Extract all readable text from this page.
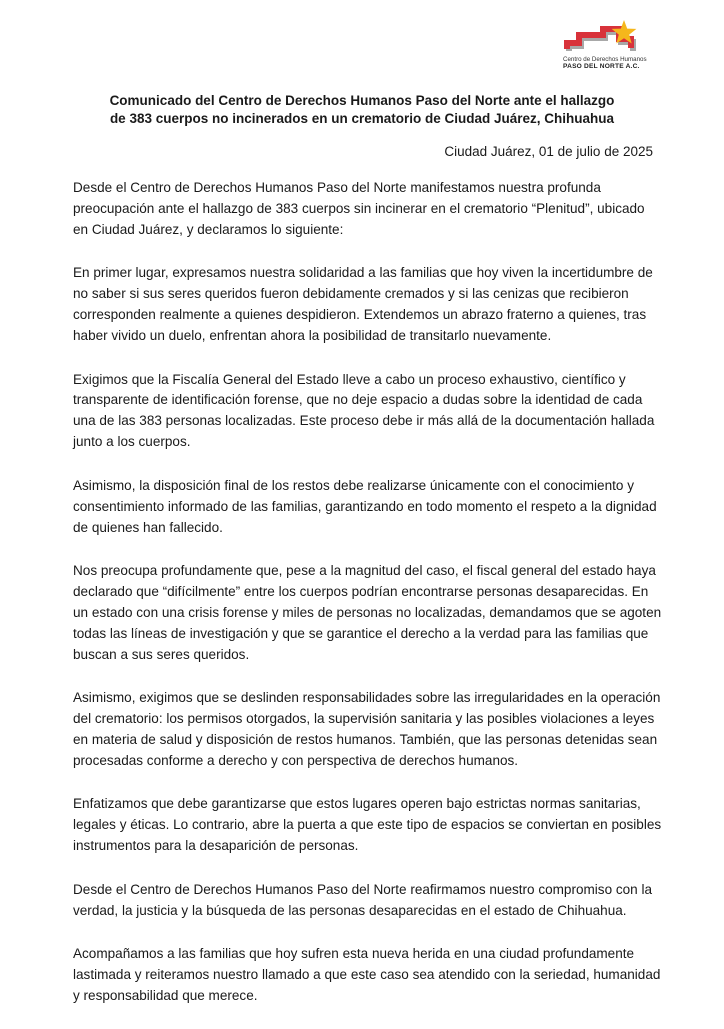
Centro de Derechos Humanos
PASO DEL NORTE A.C.
Comunicado del Centro de Derechos Humanos Paso del Norte ante el hallazgo
de 383 cuerpos no incinerados en un crematorio de Ciudad Juárez, Chihuahua

Ciudad Juárez, 01 de julio de 2025

Desde el Centro de Derechos Humanos Paso del Norte manifestamos nuestra profunda preocupación ante el hallazgo de 383 cuerpos sin incinerar en el crematorio “Plenitud”, ubicado en Ciudad Juárez, y declaramos lo siguiente:

En primer lugar, expresamos nuestra solidaridad a las familias que hoy viven la incertidumbre de no saber si sus seres queridos fueron debidamente cremados y si las cenizas que recibieron corresponden realmente a quienes despidieron. Extendemos un abrazo fraterno a quienes, tras haber vivido un duelo, enfrentan ahora la posibilidad de transitarlo nuevamente.

Exigimos que la Fiscalía General del Estado lleve a cabo un proceso exhaustivo, científico y transparente de identificación forense, que no deje espacio a dudas sobre la identidad de cada una de las 383 personas localizadas. Este proceso debe ir más allá de la documentación hallada junto a los cuerpos.

Asimismo, la disposición final de los restos debe realizarse únicamente con el conocimiento y consentimiento informado de las familias, garantizando en todo momento el respeto a la dignidad de quienes han fallecido.

Nos preocupa profundamente que, pese a la magnitud del caso, el fiscal general del estado haya declarado que “difícilmente” entre los cuerpos podrían encontrarse personas desaparecidas. En un estado con una crisis forense y miles de personas no localizadas, demandamos que se agoten todas las líneas de investigación y que se garantice el derecho a la verdad para las familias que buscan a sus seres queridos.

Asimismo, exigimos que se deslinden responsabilidades sobre las irregularidades en la operación del crematorio: los permisos otorgados, la supervisión sanitaria y las posibles violaciones a leyes en materia de salud y disposición de restos humanos. También, que las personas detenidas sean procesadas conforme a derecho y con perspectiva de derechos humanos.

Enfatizamos que debe garantizarse que estos lugares operen bajo estrictas normas sanitarias, legales y éticas. Lo contrario, abre la puerta a que este tipo de espacios se conviertan en posibles instrumentos para la desaparición de personas.

Desde el Centro de Derechos Humanos Paso del Norte reafirmamos nuestro compromiso con la verdad, la justicia y la búsqueda de las personas desaparecidas en el estado de Chihuahua.

Acompañamos a las familias que hoy sufren esta nueva herida en una ciudad profundamente lastimada y reiteramos nuestro llamado a que este caso sea atendido con la seriedad, humanidad y responsabilidad que merece.
